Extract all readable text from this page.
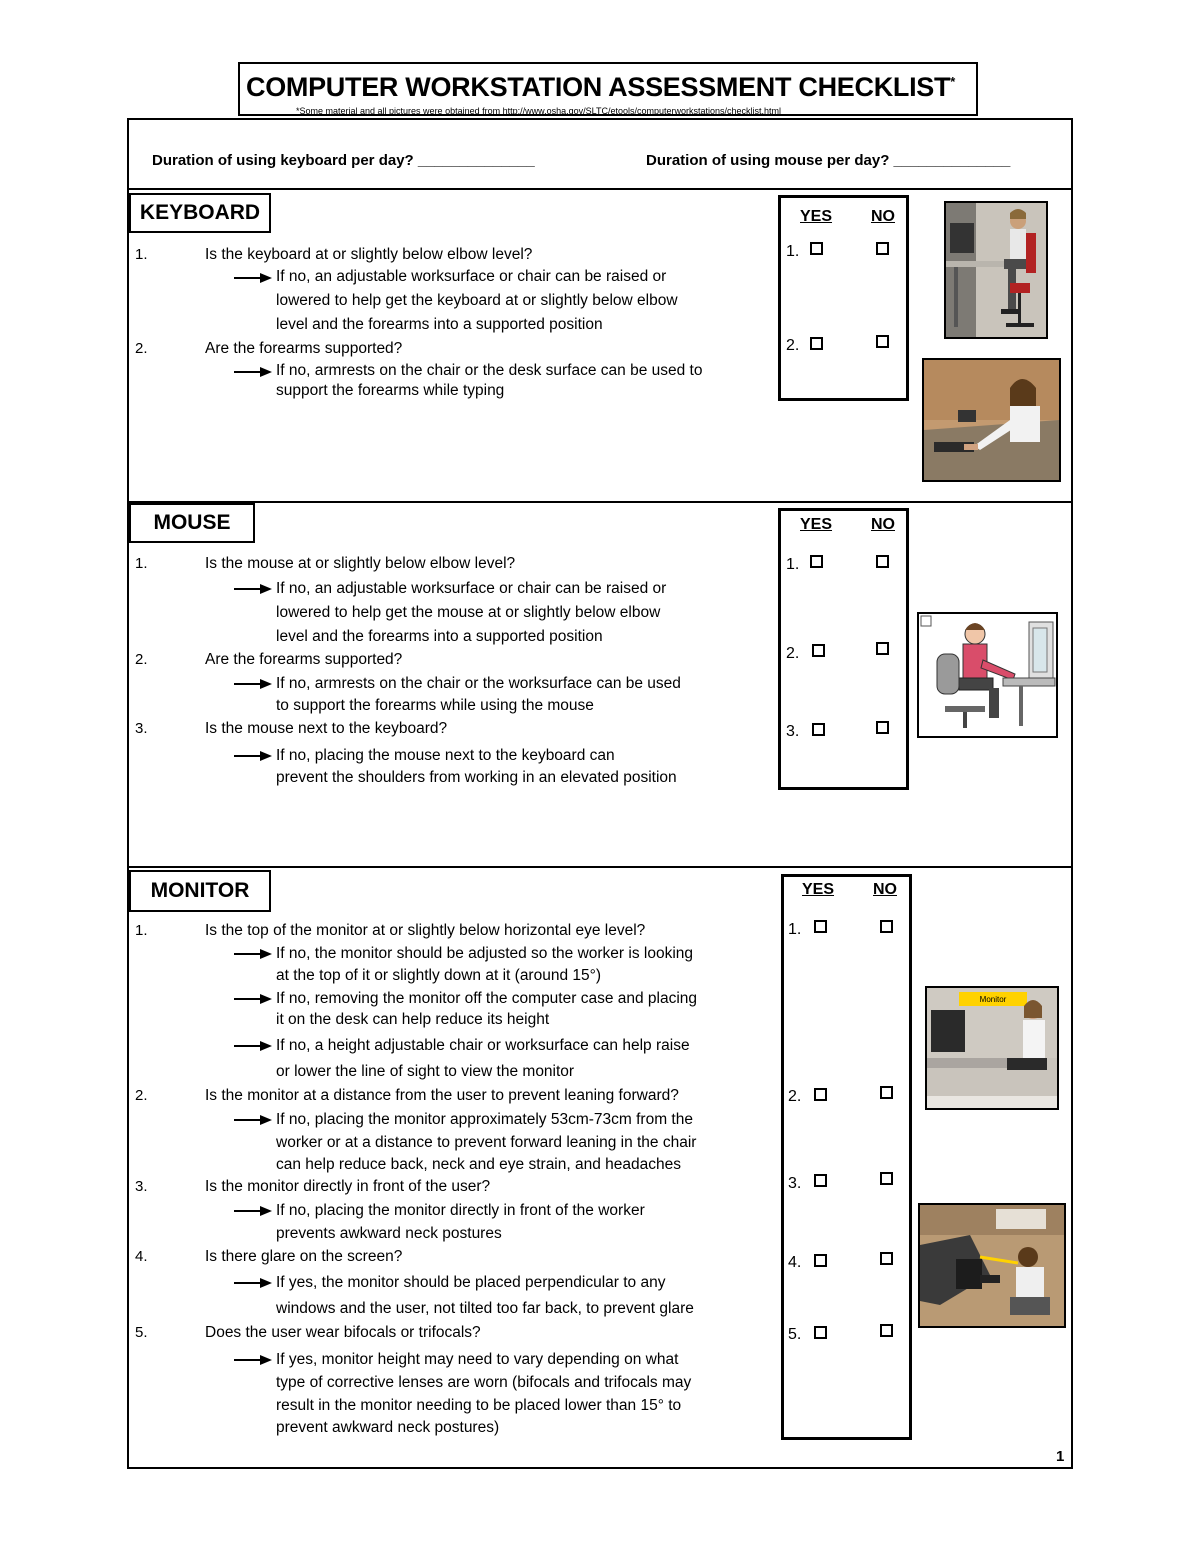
COMPUTER WORKSTATION ASSESSMENT CHECKLIST*
*Some material and all pictures were obtained from http://www.osha.gov/SLTC/etools/computerworkstations/checklist.html
Duration of using keyboard per day? ______________	Duration of using mouse per day? ______________
KEYBOARD
MOUSE
MONITOR
YES NO
YES NO
YES NO
1.	Is the keyboard at or slightly below elbow level?
If no, an adjustable worksurface or chair can be raised or
lowered to help get the keyboard at or slightly below elbow
level and the forearms into a supported position
2.	Are the forearms supported?
If no, armrests on the chair or the desk surface can be used to
support the forearms while typing
1.
2.
1.	Is the mouse at or slightly below elbow level?
If no, an adjustable worksurface or chair can be raised or
lowered to help get the mouse at or slightly below elbow
level and the forearms into a supported position
2.	Are the forearms supported?
If no, armrests on the chair or the worksurface can be used
to support the forearms while using the mouse
3.	Is the mouse next to the keyboard?
If no, placing the mouse next to the keyboard can
prevent the shoulders from working in an elevated position
1.
2.
3.
1.	Is the top of the monitor at or slightly below horizontal eye level?
If no, the monitor should be adjusted so the worker is looking
at the top of it or slightly down at it (around 15°)
If no, removing the monitor off the computer case and placing
it on the desk can help reduce its height
If no, a height adjustable chair or worksurface can help raise
or lower the line of sight to view the monitor
2.	Is the monitor at a distance from the user to prevent leaning forward?
If no, placing the monitor approximately 53cm-73cm from the
worker or at a distance to prevent forward leaning in the chair
can help reduce back, neck and eye strain, and headaches
3.	Is the monitor directly in front of the user?
If no, placing the monitor directly in front of the worker
prevents awkward neck postures
4.	Is there glare on the screen?
If yes, the monitor should be placed perpendicular to any
windows and the user, not tilted too far back, to prevent glare
5.	Does the user wear bifocals or trifocals?
If yes, monitor height may need to vary depending on what
type of corrective lenses are worn (bifocals and trifocals may
result in the monitor needing to be placed lower than 15° to
prevent awkward neck postures)
1.
2.
3.
4.
5.
Monitor
1
